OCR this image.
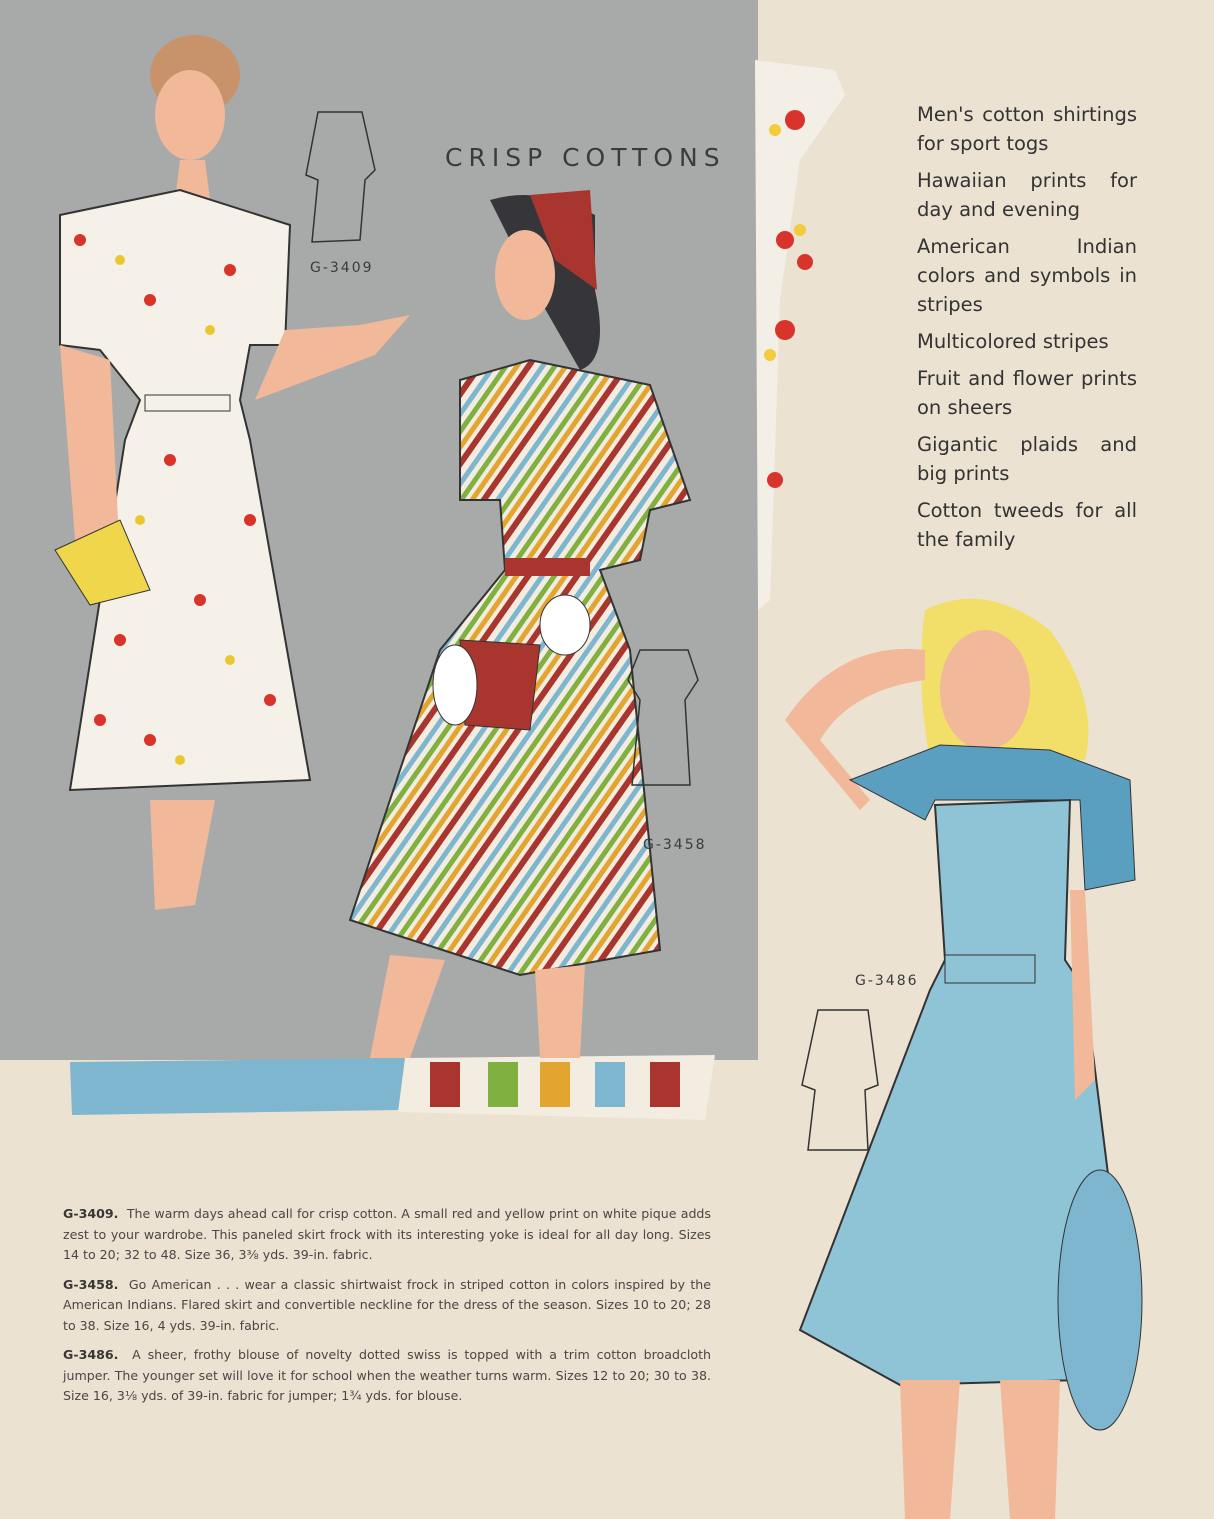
CRISP COTTONS
G-3409
G-3458
G-3486
Men's cotton shirtings for sport togs
Hawaiian prints for day and evening
American Indian colors and symbols in stripes
Multicolored stripes
Fruit and flower prints on sheers
Gigantic plaids and big prints
Cotton tweeds for all the family

G-3409. The warm days ahead call for crisp cotton. A small red and yellow print on white pique adds zest to your wardrobe. This paneled skirt frock with its interesting yoke is ideal for all day long. Sizes 14 to 20; 32 to 48. Size 36, 3⅜ yds. 39-in. fabric.

G-3458. Go American . . . wear a classic shirtwaist frock in striped cotton in colors inspired by the American Indians. Flared skirt and convertible neckline for the dress of the season. Sizes 10 to 20; 28 to 38. Size 16, 4 yds. 39-in. fabric.

G-3486. A sheer, frothy blouse of novelty dotted swiss is topped with a trim cotton broadcloth jumper. The younger set will love it for school when the weather turns warm. Sizes 12 to 20; 30 to 38. Size 16, 3⅛ yds. of 39-in. fabric for jumper; 1¾ yds. for blouse.
